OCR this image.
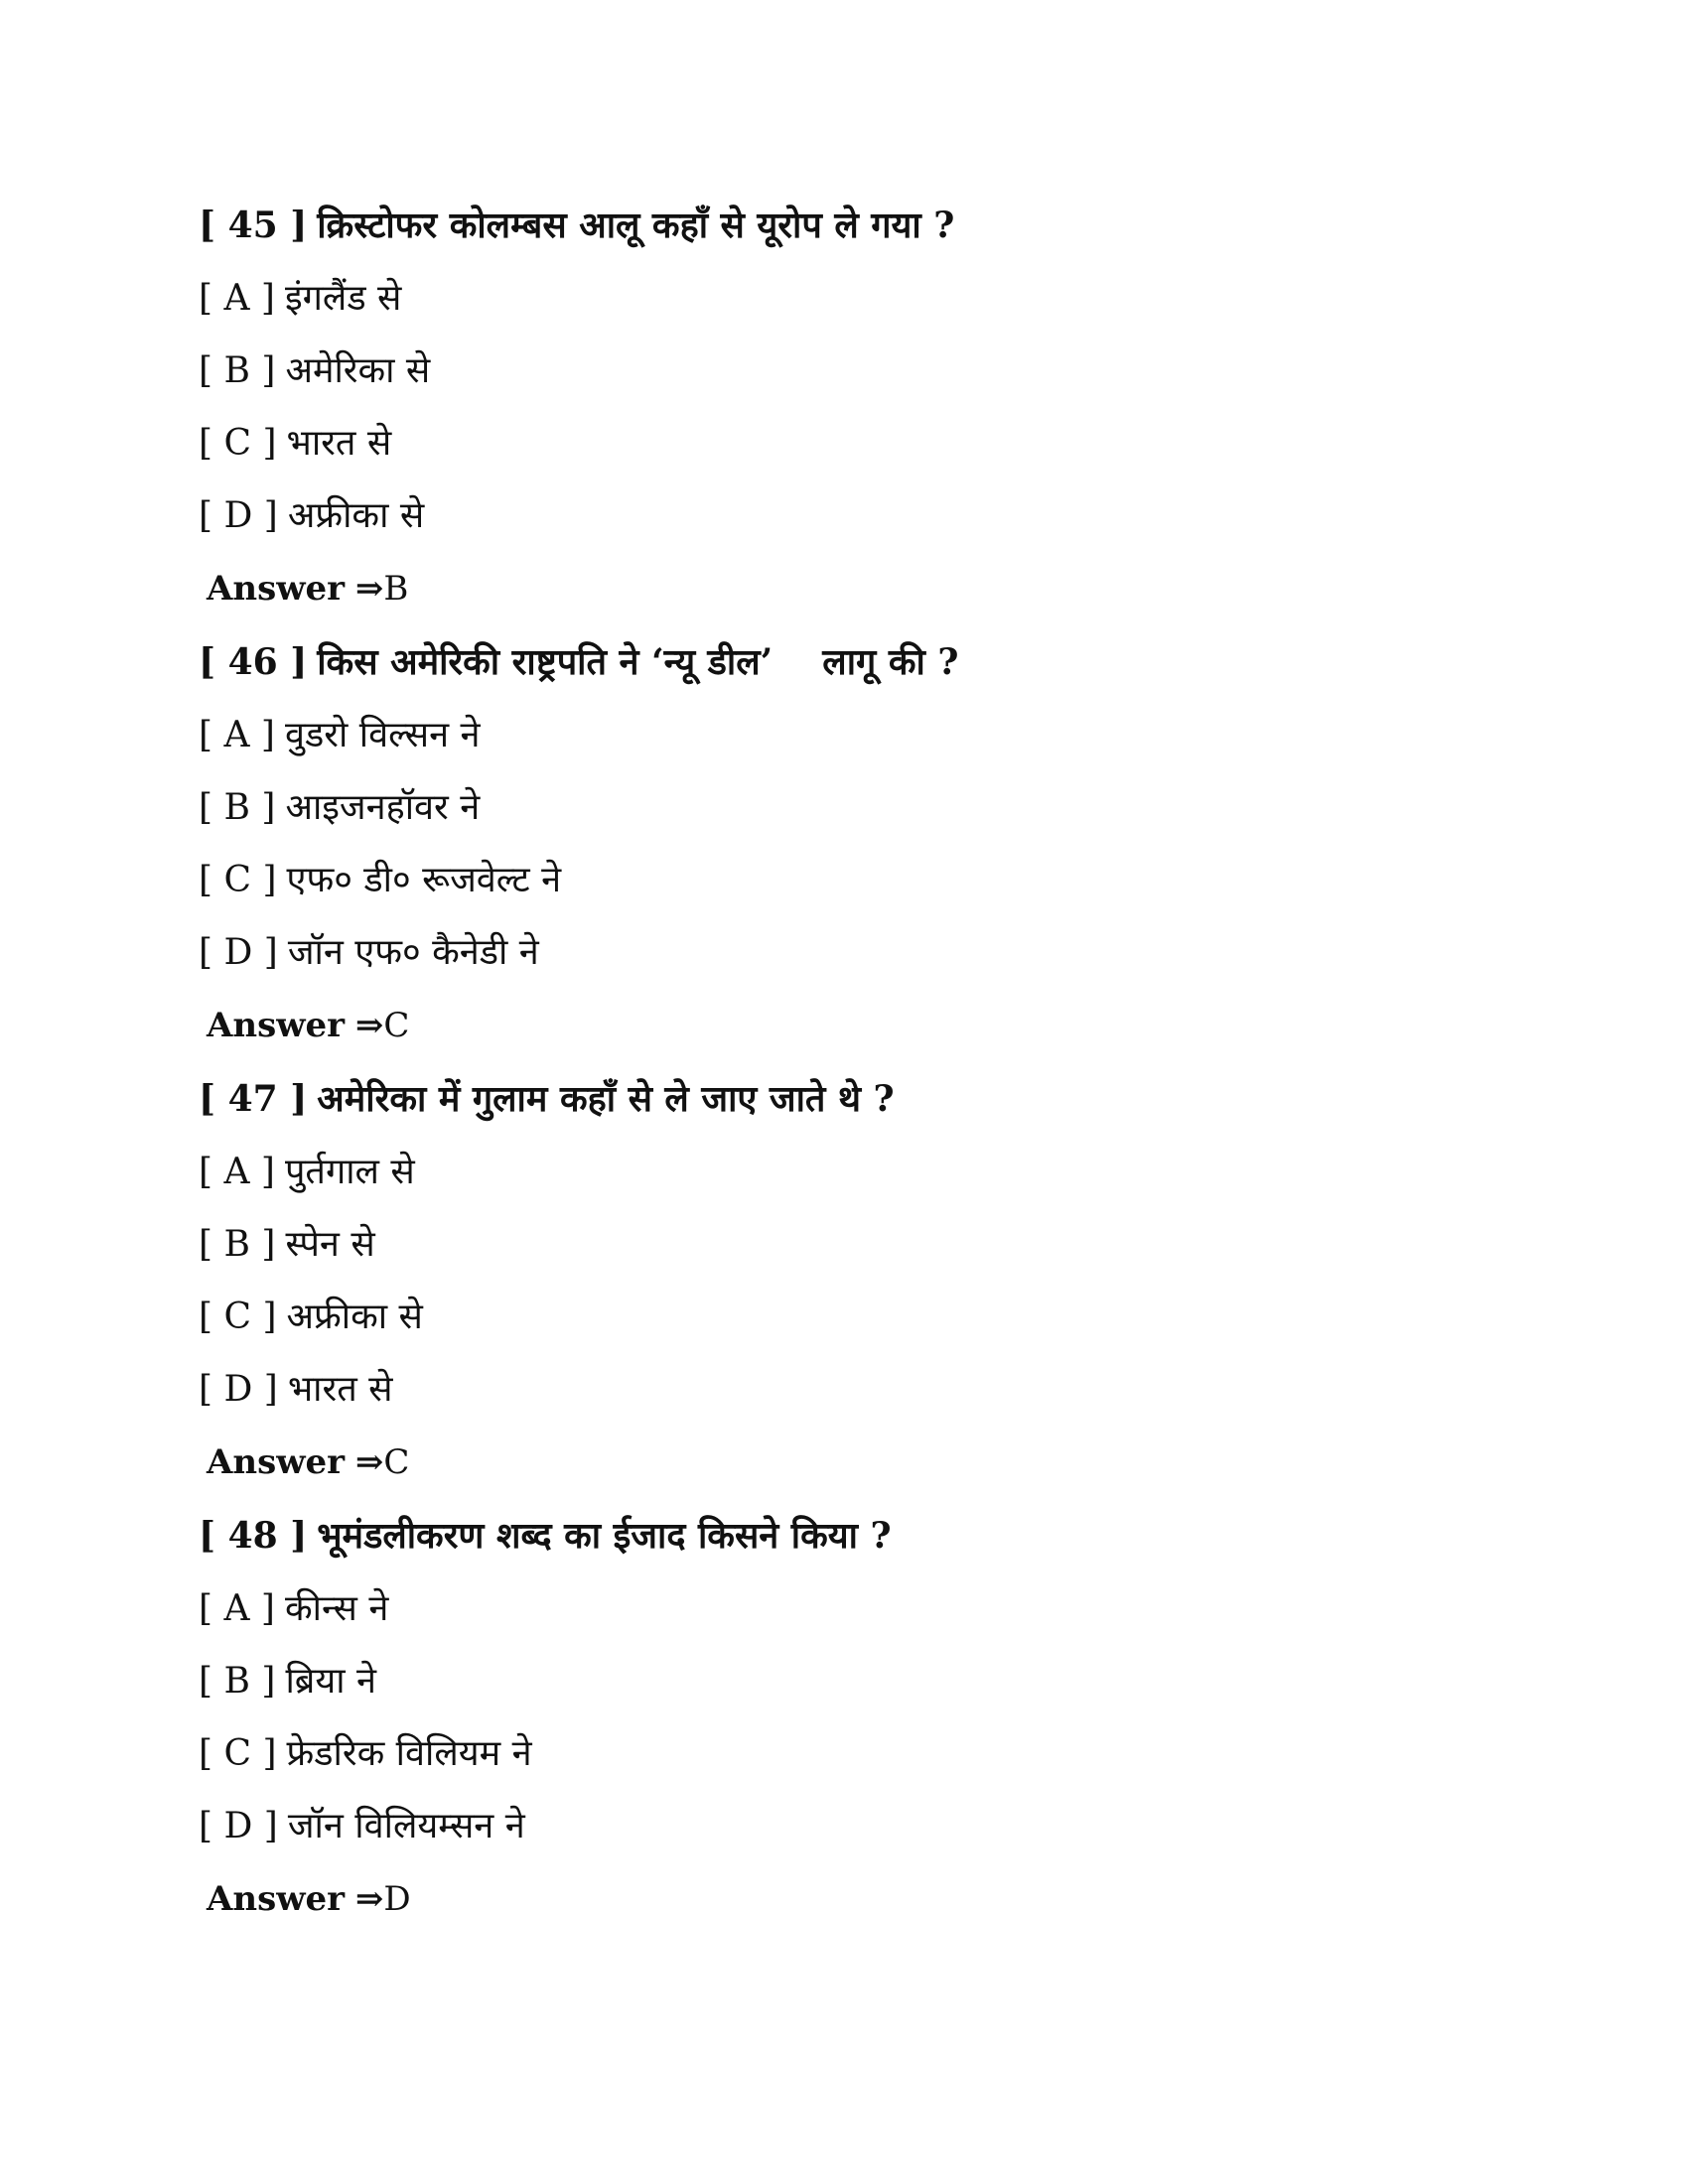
[ 45 ] क्रिस्टोफर कोलम्बस आलू कहाँ से यूरोप ले गया ?
[ A ] इंगलैंड से
[ B ] अमेरिका से
[ C ] भारत से
[ D ] अफ्रीका से
Answer ⇒B
[ 46 ] किस अमेरिकी राष्ट्रपति ने ‘न्यू डील’    लागू की ?
[ A ] वुडरो विल्सन ने
[ B ] आइजनहॉवर ने
[ C ] एफ० डी० रूजवेल्ट ने
[ D ] जॉन एफ० कैनेडी ने
Answer ⇒C
[ 47 ] अमेरिका में गुलाम कहाँ से ले जाए जाते थे ?
[ A ] पुर्तगाल से
[ B ] स्पेन से
[ C ] अफ्रीका से
[ D ] भारत से
Answer ⇒C
[ 48 ] भूमंडलीकरण शब्द का ईजाद किसने किया ?
[ A ] कीन्स ने
[ B ] ब्रिया ने
[ C ] फ्रेडरिक विलियम ने
[ D ] जॉन विलियम्सन ने
Answer ⇒D
